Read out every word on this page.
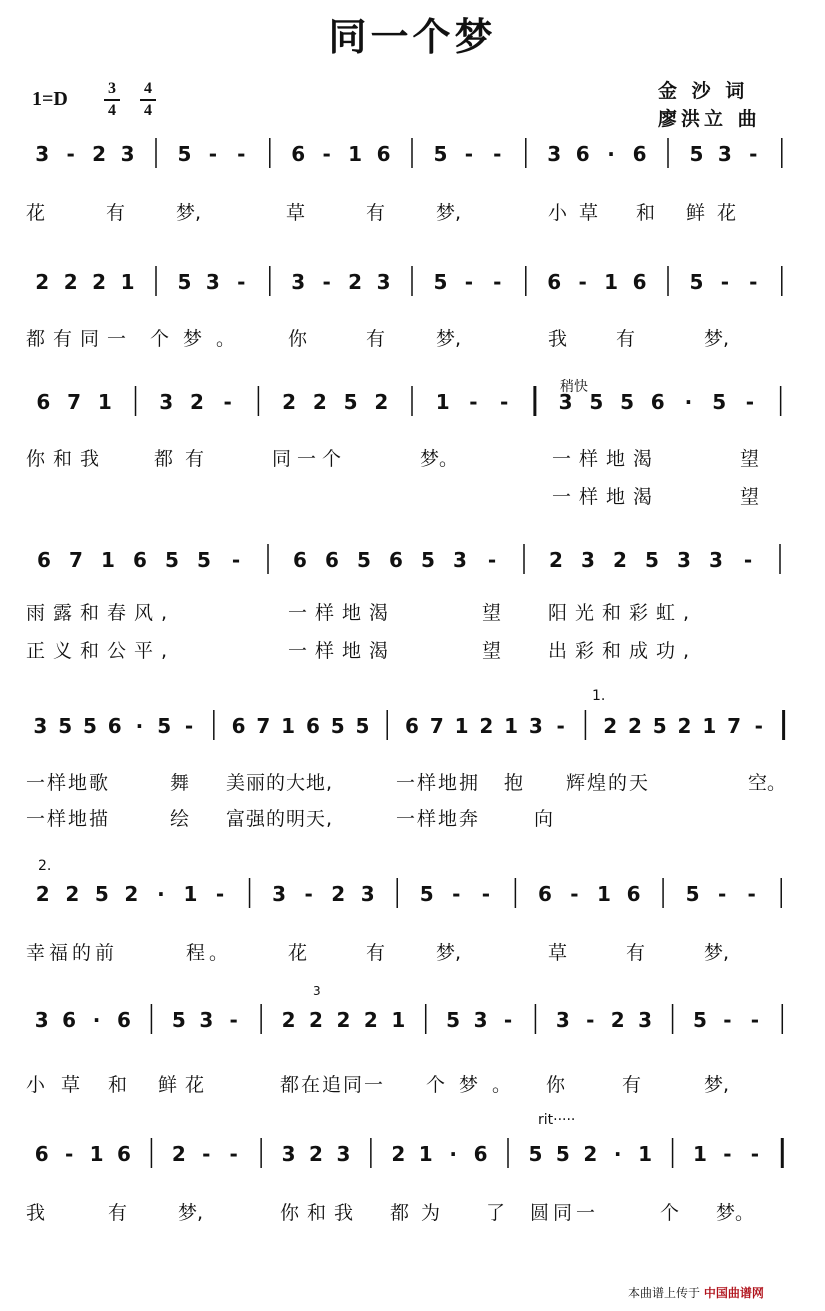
同一个梦
1=D	3
4
4
4
金 沙 词
廖洪立 曲
稍快
1.
2.
rit·····
3
3 - 2 3 5 - - 6 - 1 6 5 - - 3 6 · 6 5 3 -
2 2 2 1 5 3 - 3 - 2 3 5 - - 6 - 1 6 5 - -
6 7 1 3 2 -	2 2 5 2 1 - -	3 5 5 6 · 5 -
6 7 1 6 5 5 -	6 6 5 6 5 3 -	2 3 2 5 3 3 -
3 5 5 6 · 5 - 6 7 1 6 5 5 6 7 1 2 1 3 - 2 2 5 2 1 7 -
2 2 5 2 · 1 - 3 - 2 3 5 - - 6 - 1 6 5 - -
3 6 · 6 5 3 - 2 2 2 2 1 5 3 - 3 - 2 3 5 - -
6 - 1 6 2 - - 3 2 3 2 1 · 6 5 5 2 · 1 1 - -
花	有	梦,	草	有	梦,	小草 和 鲜花
都有同一 个梦。 你	有	梦,	我	有	梦,
你和我 都有	同一个	梦。	一样地渴	望
一样地渴	望
雨露和春风,	一样地渴	望 阳光和彩虹,
正义和公平,	一样地渴	望 出彩和成功,
一样地歌	舞 美丽的大地,	一样地拥 抱 辉煌的天	空。
一样地描	绘 富强的明天,	一样地奔	向
幸福的前	程。	花	有	梦,	草	有	梦,
小草 和 鲜花	都在追同一 个梦。 你	有	梦,
我	有	梦,	你和我 都为 了 圆同一	个 梦。
本曲谱上传于 中国曲谱网
